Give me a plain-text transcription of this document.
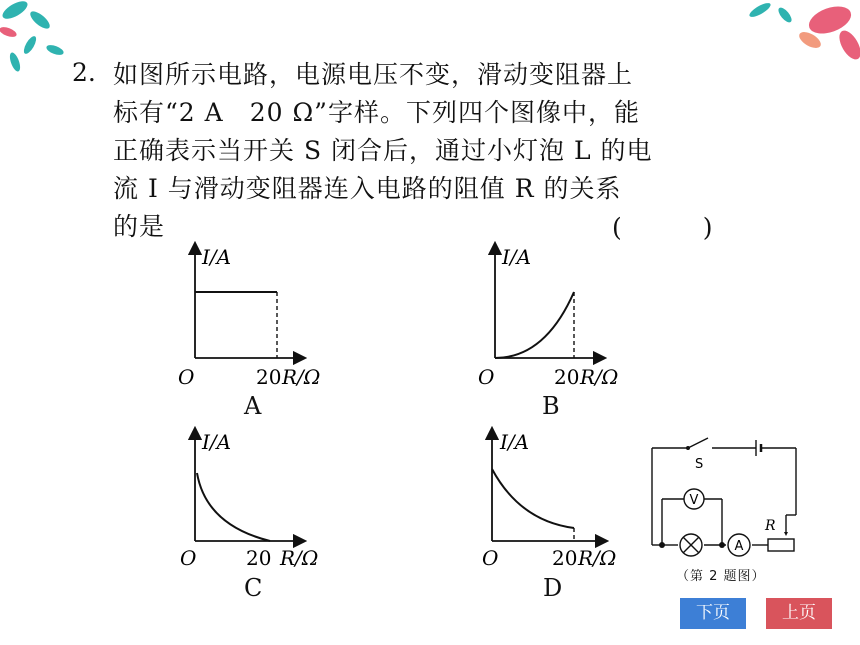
2. 如图所示电路，电源电压不变，滑动变阻器上
标有“2 A　20 Ω”字样。下列四个图像中，能
正确表示当开关 S 闭合后，通过小灯泡 L 的电
流 I 与滑动变阻器连入电路的阻值 R 的关系
的是	(　)
I/A
O	20 R/Ω
A
I/A
O	20 R/Ω
B
I/A
O 20 R/Ω
C
I/A
O	20 R/Ω
D
V
A
S
R
（第 2 题图）
下页	上页
